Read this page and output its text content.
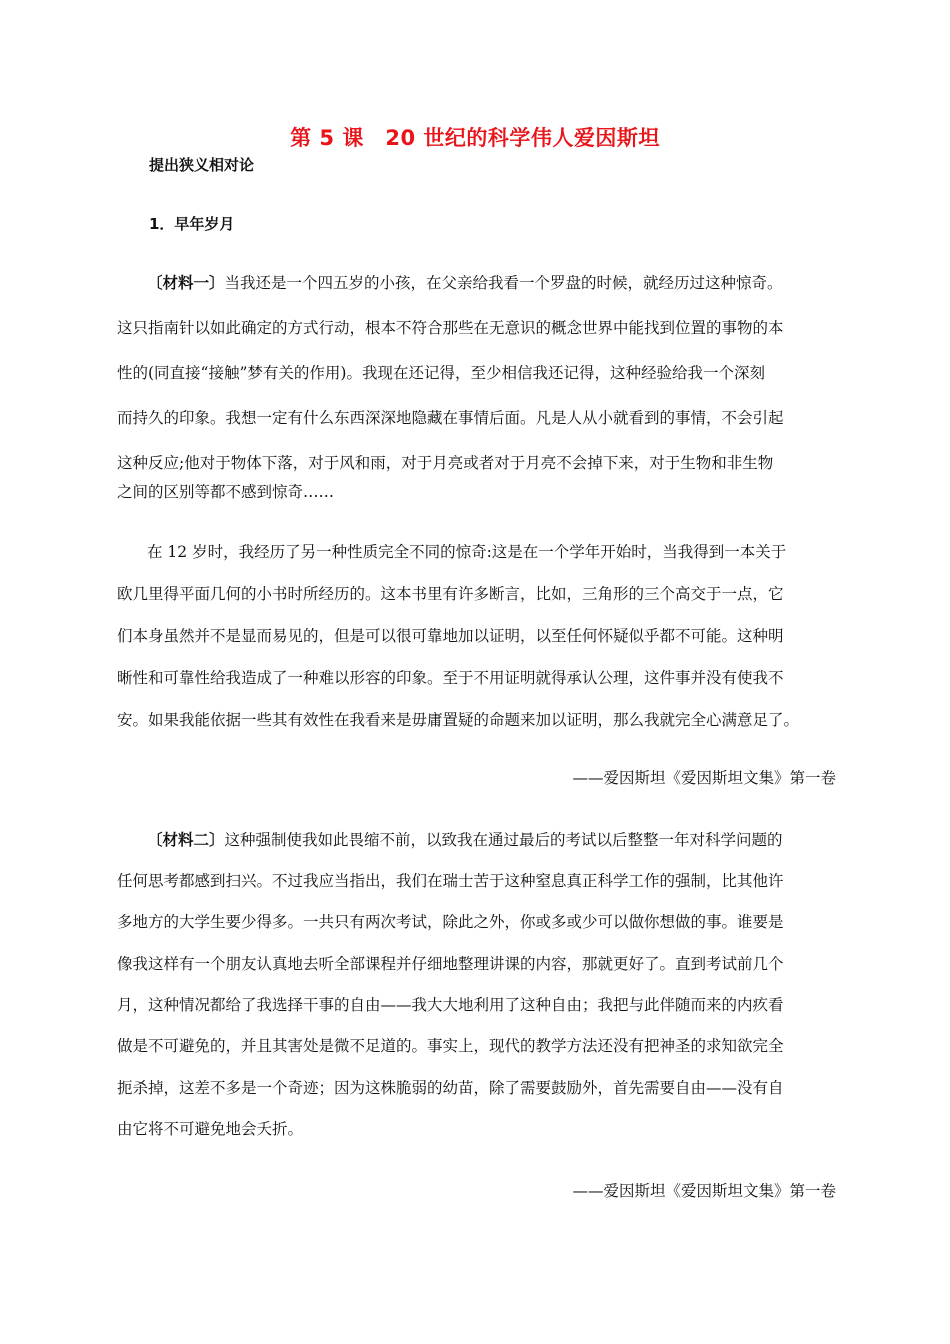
第 5 课　20 世纪的科学伟人爱因斯坦
提出狭义相对论
1．早年岁月
〔材料一〕当我还是一个四五岁的小孩，在父亲给我看一个罗盘的时候，就经历过这种惊奇。
这只指南针以如此确定的方式行动，根本不符合那些在无意识的概念世界中能找到位置的事物的本
性的(同直接“接触”梦有关的作用)。我现在还记得，至少相信我还记得，这种经验给我一个深刻
而持久的印象。我想一定有什么东西深深地隐藏在事情后面。凡是人从小就看到的事情，不会引起
这种反应;他对于物体下落，对于风和雨，对于月亮或者对于月亮不会掉下来，对于生物和非生物
之间的区别等都不感到惊奇……
在 12 岁时，我经历了另一种性质完全不同的惊奇:这是在一个学年开始时，当我得到一本关于
欧几里得平面几何的小书时所经历的。这本书里有许多断言，比如，三角形的三个高交于一点，它
们本身虽然并不是显而易见的，但是可以很可靠地加以证明，以至任何怀疑似乎都不可能。这种明
晰性和可靠性给我造成了一种难以形容的印象。至于不用证明就得承认公理，这件事并没有使我不
安。如果我能依据一些其有效性在我看来是毋庸置疑的命题来加以证明，那么我就完全心满意足了。
——爱因斯坦《爱因斯坦文集》第一卷
〔材料二〕这种强制使我如此畏缩不前，以致我在通过最后的考试以后整整一年对科学问题的
任何思考都感到扫兴。不过我应当指出，我们在瑞士苦于这种窒息真正科学工作的强制，比其他许
多地方的大学生要少得多。一共只有两次考试，除此之外，你或多或少可以做你想做的事。谁要是
像我这样有一个朋友认真地去听全部课程并仔细地整理讲课的内容，那就更好了。直到考试前几个
月，这种情况都给了我选择干事的自由——我大大地利用了这种自由；我把与此伴随而来的内疚看
做是不可避免的，并且其害处是微不足道的。事实上，现代的教学方法还没有把神圣的求知欲完全
扼杀掉，这差不多是一个奇迹；因为这株脆弱的幼苗，除了需要鼓励外，首先需要自由——没有自
由它将不可避免地会夭折。
——爱因斯坦《爱因斯坦文集》第一卷
